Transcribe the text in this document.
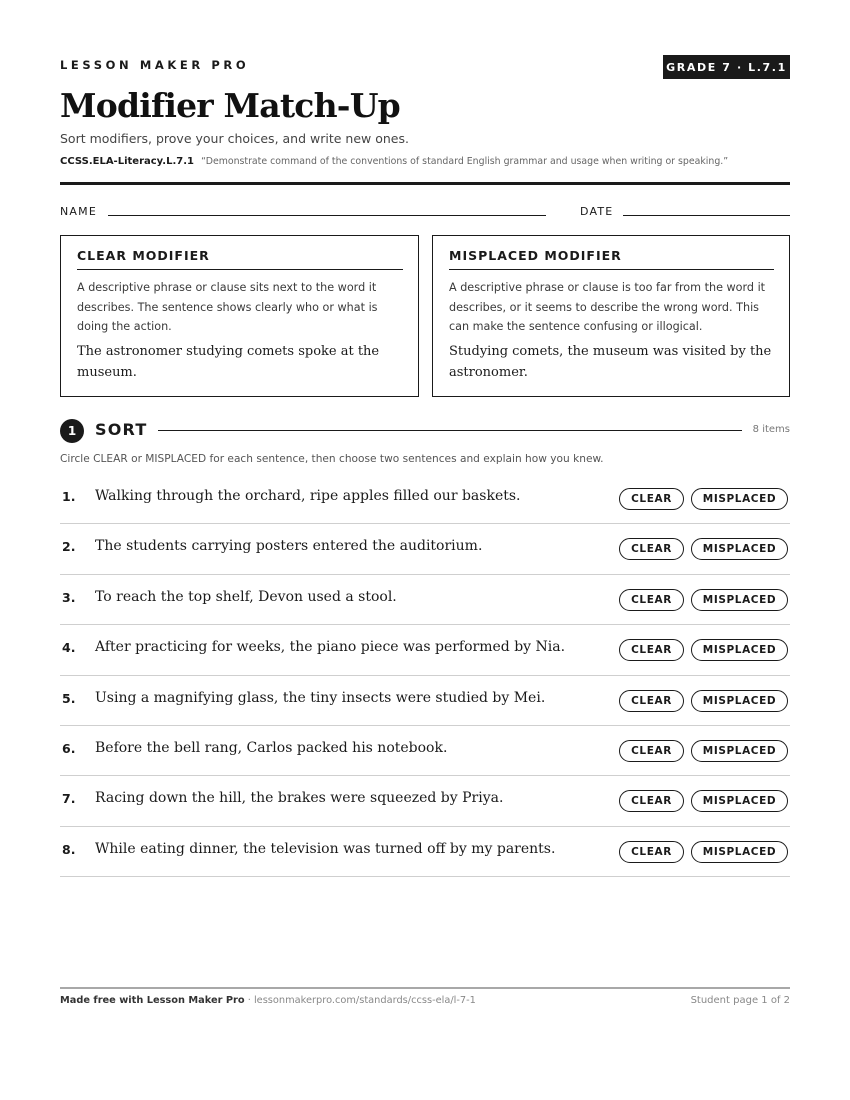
LESSON MAKER PRO	GRADE 7 · L.7.1
Modifier Match-Up
Sort modifiers, prove your choices, and write new ones.
CCSS.ELA-Literacy.L.7.1 “Demonstrate command of the conventions of standard English grammar and usage when writing or speaking.”
NAME	DATE
CLEAR MODIFIER
A descriptive phrase or clause sits next to the word it describes. The sentence shows clearly who or what is doing the action.
The astronomer studying comets spoke at the museum.
MISPLACED MODIFIER
A descriptive phrase or clause is too far from the word it describes, or it seems to describe the wrong word. This can make the sentence confusing or illogical.
Studying comets, the museum was visited by the astronomer.
1	SORT	8 items
Circle CLEAR or MISPLACED for each sentence, then choose two sentences and explain how you knew.
1. Walking through the orchard, ripe apples filled our baskets.	CLEAR	MISPLACED
2. The students carrying posters entered the auditorium.	CLEAR	MISPLACED
3. To reach the top shelf, Devon used a stool.	CLEAR	MISPLACED
4. After practicing for weeks, the piano piece was performed by Nia.	CLEAR	MISPLACED
5. Using a magnifying glass, the tiny insects were studied by Mei.	CLEAR	MISPLACED
6. Before the bell rang, Carlos packed his notebook.	CLEAR	MISPLACED
7. Racing down the hill, the brakes were squeezed by Priya.	CLEAR	MISPLACED
8. While eating dinner, the television was turned off by my parents.	CLEAR	MISPLACED
Made free with Lesson Maker Pro · lessonmakerpro.com/standards/ccss-ela/l-7-1	Student page 1 of 2
